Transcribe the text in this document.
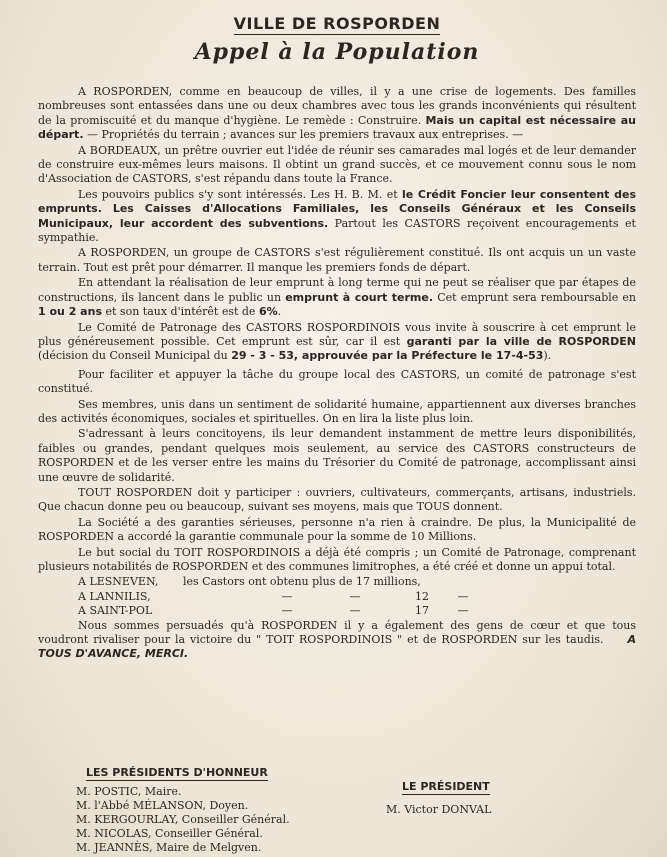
VILLE DE ROSPORDEN
Appel à la Population

A ROSPORDEN, comme en beaucoup de villes, il y a une crise de logements. Des familles nombreuses sont entassées dans une ou deux chambres avec tous les grands inconvénients qui résultent de la promiscuité et du manque d'hygiène. Le remède : Construire. Mais un capital est nécessaire au départ. — Propriétés du terrain ; avances sur les premiers travaux aux entreprises. —

A BORDEAUX, un prêtre ouvrier eut l'idée de réunir ses camarades mal logés et de leur demander de construire eux-mêmes leurs maisons. Il obtint un grand succès, et ce mouvement connu sous le nom d'Association de CASTORS, s'est répandu dans toute la France.

Les pouvoirs publics s'y sont intéressés. Les H. B. M. et le Crédit Foncier leur consentent des emprunts. Les Caisses d'Allocations Familiales, les Conseils Généraux et les Conseils Municipaux, leur accordent des subventions. Partout les CASTORS reçoivent encouragements et sympathie.

A ROSPORDEN, un groupe de CASTORS s'est régulièrement constitué. Ils ont acquis un un vaste terrain. Tout est prêt pour démarrer. Il manque les premiers fonds de départ.

En attendant la réalisation de leur emprunt à long terme qui ne peut se réaliser que par étapes de constructions, ils lancent dans le public un emprunt à court terme. Cet emprunt sera remboursable en 1 ou 2 ans et son taux d'intérêt est de 6%.

Le Comité de Patronage des CASTORS ROSPORDINOIS vous invite à souscrire à cet emprunt le plus généreusement possible. Cet emprunt est sûr, car il est garanti par la ville de ROSPORDEN (décision du Conseil Municipal du 29 - 3 - 53, approuvée par la Préfecture le 17-4-53).

Pour faciliter et appuyer la tâche du groupe local des CASTORS, un comité de patronage s'est constitué.

Ses membres, unis dans un sentiment de solidarité humaine, appartiennent aux diverses branches des activités économiques, sociales et spirituelles. On en lira la liste plus loin.

S'adressant à leurs concitoyens, ils leur demandent instamment de mettre leurs disponibilités, faibles ou grandes, pendant quelques mois seulement, au service des CASTORS constructeurs de ROSPORDEN et de les verser entre les mains du Trésorier du Comité de patronage, accomplissant ainsi une œuvre de solidarité.

TOUT ROSPORDEN doit y participer : ouvriers, cultivateurs, commerçants, artisans, industriels. Que chacun donne peu ou beaucoup, suivant ses moyens, mais que TOUS donnent.

La Société a des garanties sérieuses, personne n'a rien à craindre. De plus, la Municipalité de ROSPORDEN a accordé la garantie communale pour la somme de 10 Millions.

Le but social du TOIT ROSPORDINOIS a déjà été compris ; un Comité de Patronage, comprenant plusieurs notabilités de ROSPORDEN et des communes limitrophes, a été créé et donne un appui total.

A LESNEVEN,	les Castors ont obtenu plus de 17 millions,
A LANNILIS,	—	—	12	—
A SAINT-POL	—	—	17	—

Nous sommes persuadés qu'à ROSPORDEN il y a également des gens de cœur et que tous voudront rivaliser pour la victoire du " TOIT ROSPORDINOIS " et de ROSPORDEN sur les taudis. A TOUS D'AVANCE, MERCI.

LES PRÉSIDENTS D'HONNEUR
M. POSTIC, Maire.
M. l'Abbé MÉLANSON, Doyen.
M. KERGOURLAY, Conseiller Général.
M. NICOLAS, Conseiller Général.
M. JEANNÈS, Maire de Melgven.
LE PRÉSIDENT
M. Victor DONVAL
